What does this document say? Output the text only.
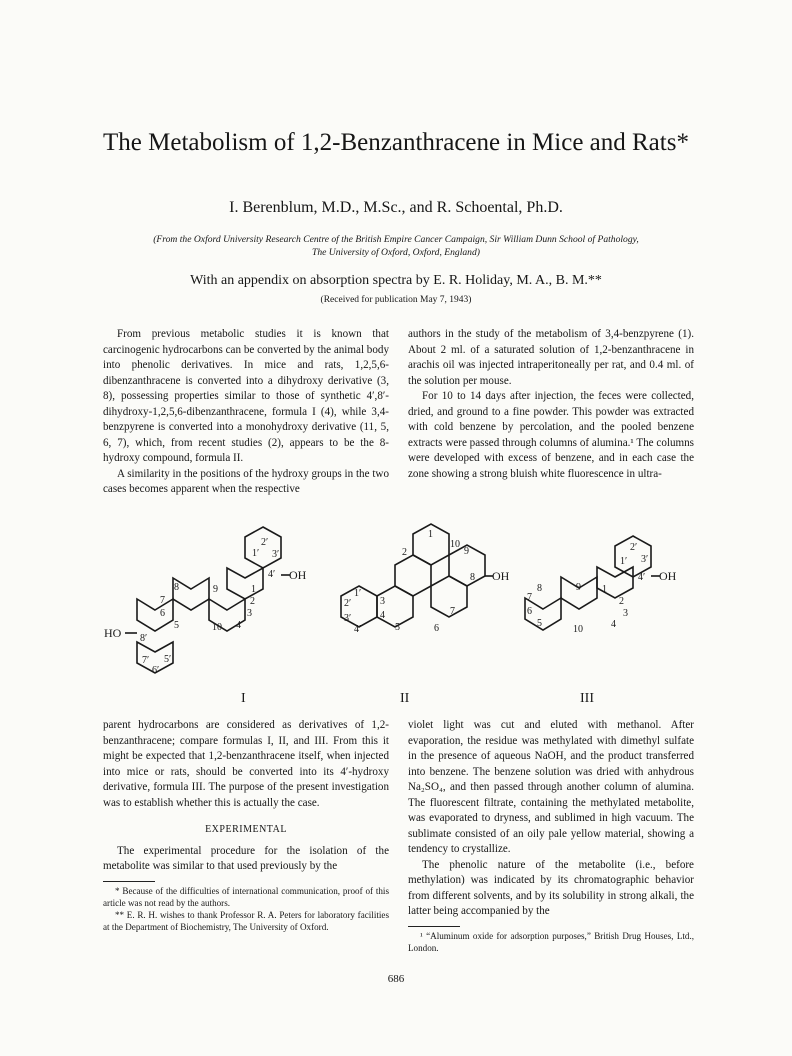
The Metabolism of 1,2-Benzanthracene in Mice and Rats*
I. Berenblum, M.D., M.Sc., and R. Schoental, Ph.D.
(From the Oxford University Research Centre of the British Empire Cancer Campaign, Sir William Dunn School of Pathology, The University of Oxford, Oxford, England)
With an appendix on absorption spectra by E. R. Holiday, M. A., B. M.**
(Received for publication May 7, 1943)

From previous metabolic studies it is known that carcinogenic hydrocarbons can be converted by the animal body into phenolic derivatives. In mice and rats, 1,2,5,6-dibenzanthracene is converted into a dihydroxy derivative (3, 8), possessing properties similar to those of synthetic 4′,8′-dihydroxy-1,2,5,6-dibenzanthracene, formula I (4), while 3,4-benzpyrene is converted into a monohydroxy derivative (11, 5, 6, 7), which, from recent studies (2), appears to be the 8-hydroxy compound, formula II.

A similarity in the positions of the hydroxy groups in the two cases becomes apparent when the respective

authors in the study of the metabolism of 3,4-benzpyrene (1). About 2 ml. of a saturated solution of 1,2-benzanthracene in arachis oil was injected intraperitoneally per rat, and 0.4 ml. of the solution per mouse.

For 10 to 14 days after injection, the feces were collected, dried, and ground to a fine powder. This powder was extracted with cold benzene by percolation, and the pooled benzene extracts were passed through columns of alumina.¹ The columns were developed with excess of benzene, and in each case the zone showing a strong bluish white fluorescence in ultra-

1′
2′
3′
4′
1
2
3
4
5
6
7
8	9
10
5′
6′
7′
8′
OH
HO
1
2
3
4
5	6
7
8
9
10
1′
2′
3′
4′
OH
1′
2′
3′
4′
1
2
3
4
5
6
7
8	9
10
OH
I	II	III

parent hydrocarbons are considered as derivatives of 1,2-benzanthracene; compare formulas I, II, and III. From this it might be expected that 1,2-benzanthracene itself, when injected into mice or rats, should be converted into its 4′-hydroxy derivative, formula III. The purpose of the present investigation was to establish whether this is actually the case.

EXPERIMENTAL

The experimental procedure for the isolation of the metabolite was similar to that used previously by the

* Because of the difficulties of international communication, proof of this article was not read by the authors.

** E. R. H. wishes to thank Professor R. A. Peters for laboratory facilities at the Department of Biochemistry, The University of Oxford.

violet light was cut and eluted with methanol. After evaporation, the residue was methylated with dimethyl sulfate in the presence of aqueous NaOH, and the product transferred into benzene. The benzene solution was dried with anhydrous Na₂SO₄, and then passed through another column of alumina. The fluorescent filtrate, containing the methylated metabolite, was evaporated to dryness, and sublimed in high vacuum. The sublimate consisted of an oily pale yellow material, showing a tendency to crystallize.

The phenolic nature of the metabolite (i.e., before methylation) was indicated by its chromatographic behavior from different solvents, and by its solubility in strong alkali, the latter being accompanied by the

¹ “Aluminum oxide for adsorption purposes,” British Drug Houses, Ltd., London.

686
